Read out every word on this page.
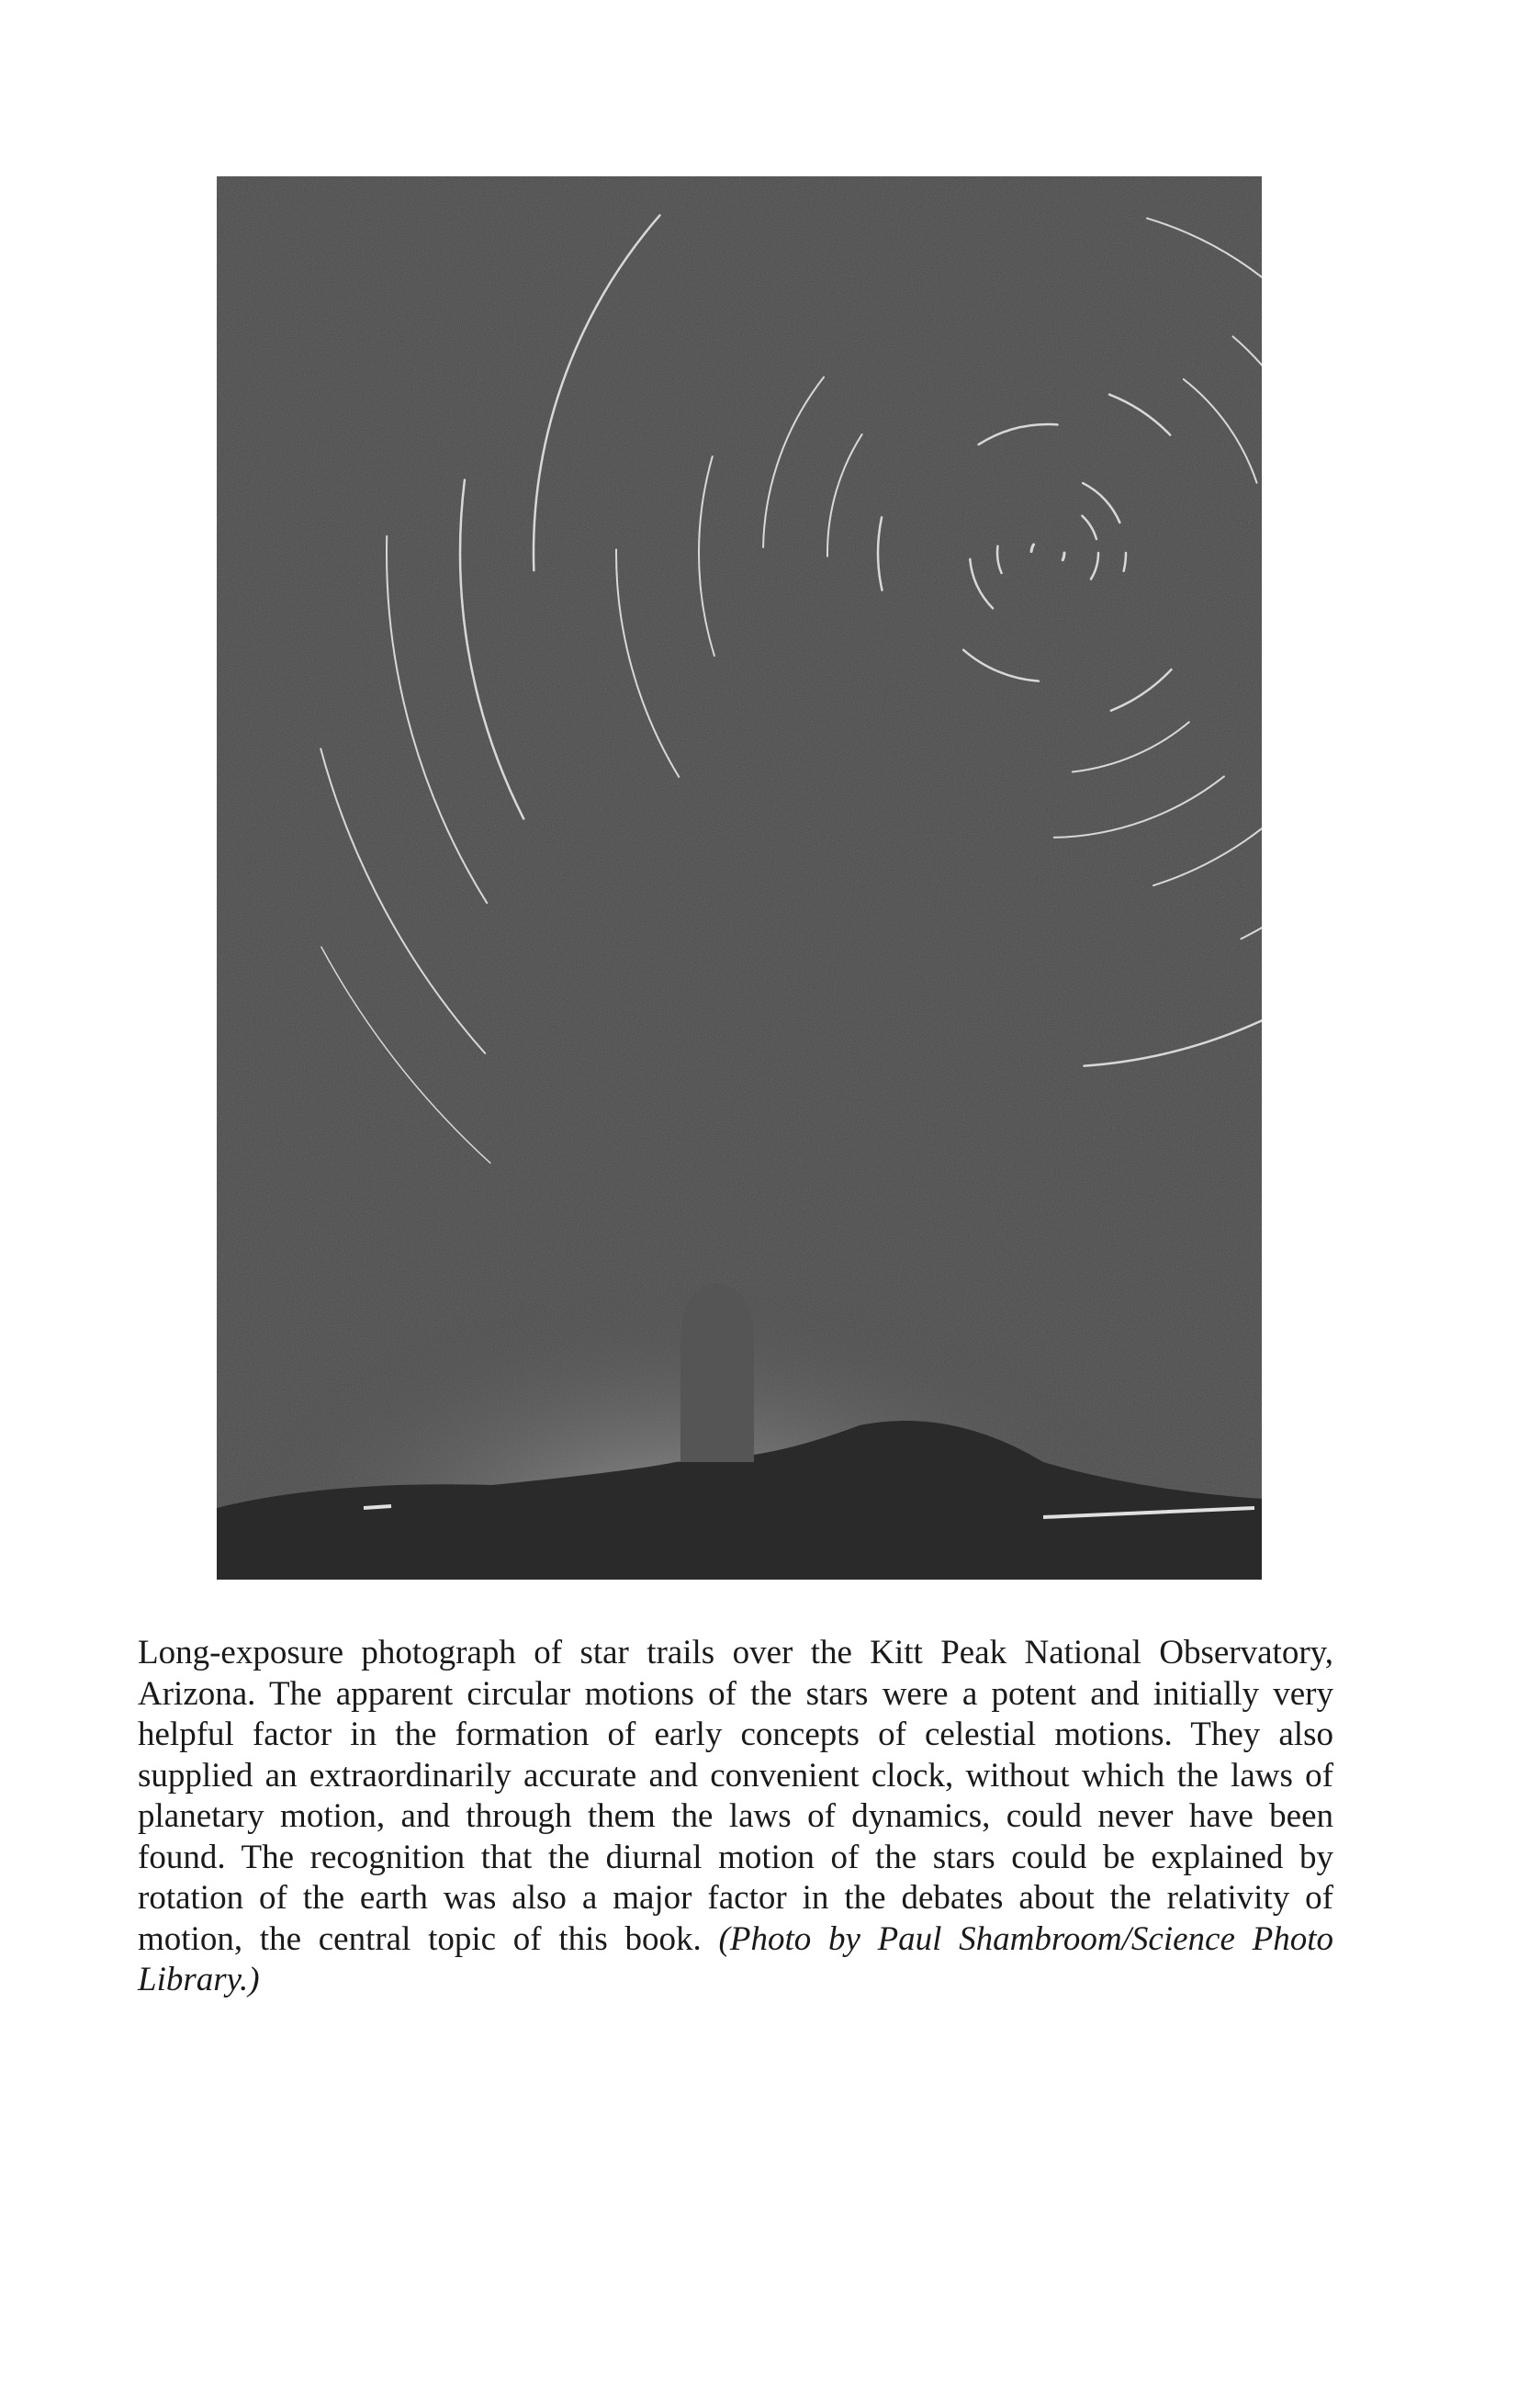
Long-exposure photograph of star trails over the Kitt Peak National Observatory, Arizona. The apparent circular motions of the stars were a potent and initially very helpful factor in the formation of early concepts of celestial motions. They also supplied an extraordinarily accurate and convenient clock, without which the laws of planetary motion, and through them the laws of dynamics, could never have been found. The recognition that the diurnal motion of the stars could be explained by rotation of the earth was also a major factor in the debates about the relativity of motion, the central topic of this book. (Photo by Paul Shambroom/Science Photo Library.)
